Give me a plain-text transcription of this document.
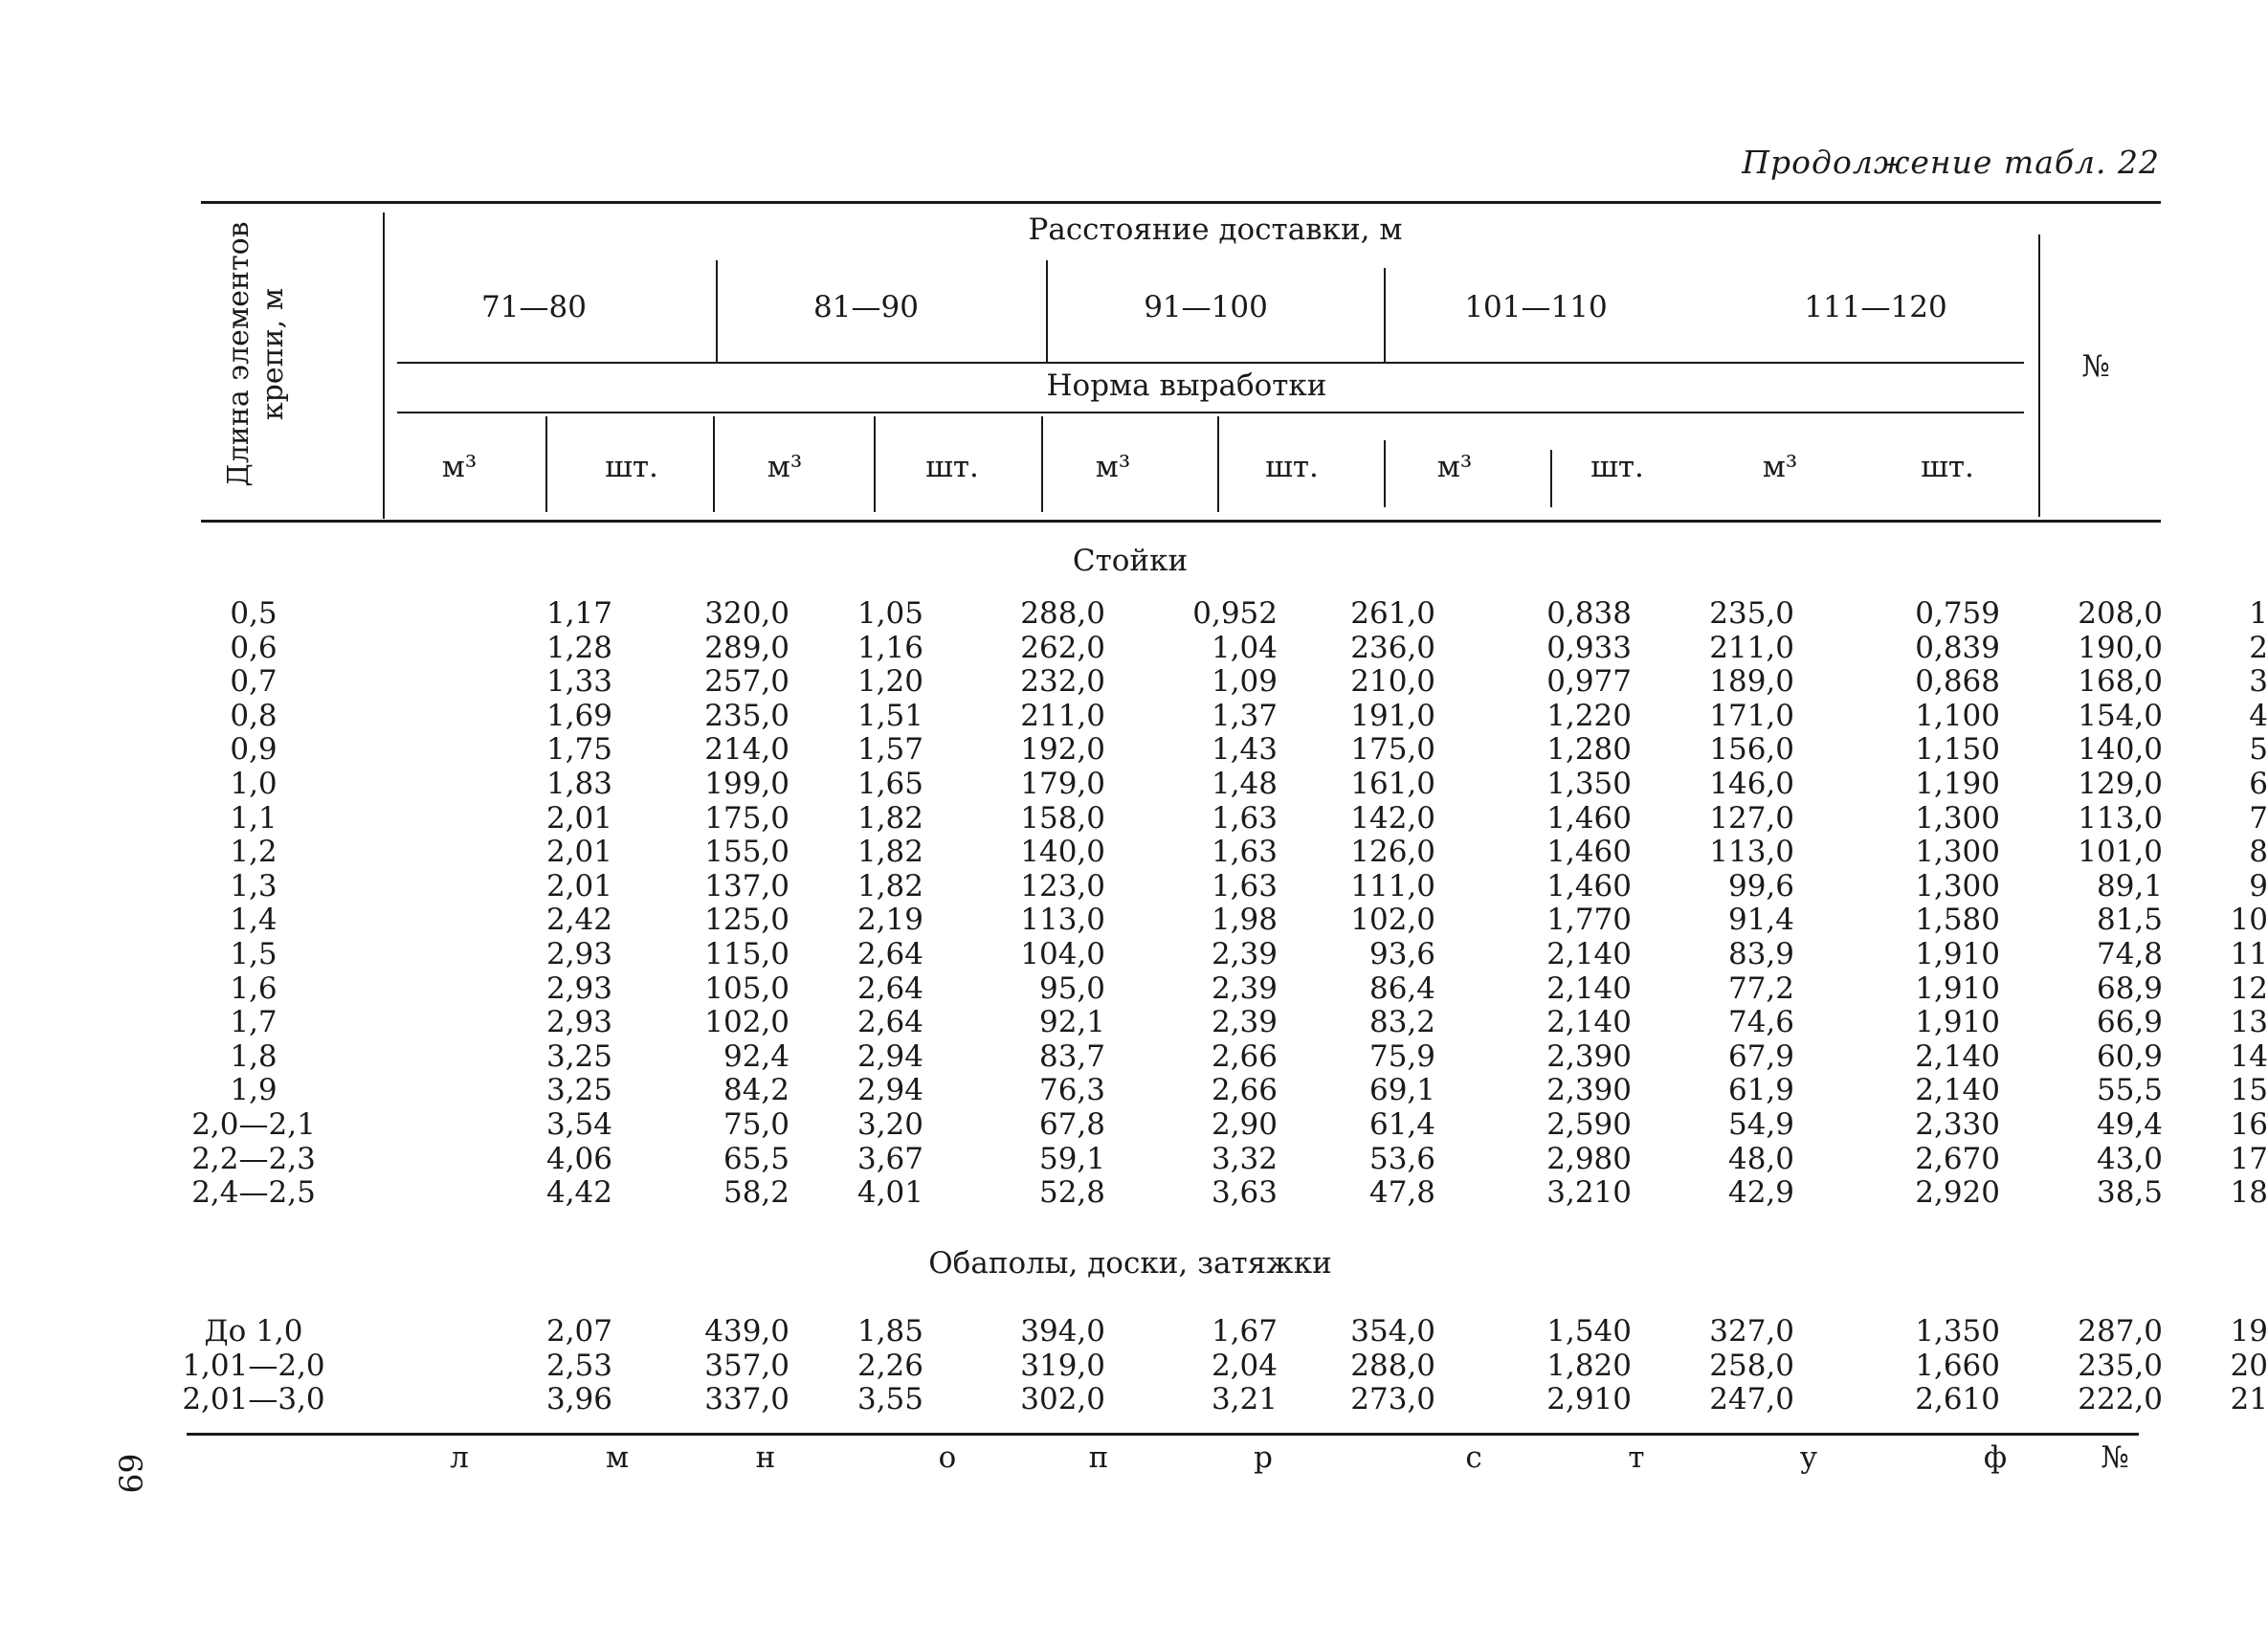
Продолжение табл. 22
Длина элементов крепи, м
Расстояние доставки, м
Норма выработки
№
71—80	81—90	91—100	101—110	111—120
м³	шт.	м³	шт.	м³	шт.	м³	шт.	м³	шт.
Стойки
0,5	1,17	320,0	1,05	288,0	0,952	261,0	0,838	235,0	0,759	208,0	1
0,6	1,28	289,0	1,16	262,0	1,04	236,0	0,933	211,0	0,839	190,0	2
0,7	1,33	257,0	1,20	232,0	1,09	210,0	0,977	189,0	0,868	168,0	3
0,8	1,69	235,0	1,51	211,0	1,37	191,0	1,220	171,0	1,100	154,0	4
0,9	1,75	214,0	1,57	192,0	1,43	175,0	1,280	156,0	1,150	140,0	5
1,0	1,83	199,0	1,65	179,0	1,48	161,0	1,350	146,0	1,190	129,0	6
1,1	2,01	175,0	1,82	158,0	1,63	142,0	1,460	127,0	1,300	113,0	7
1,2	2,01	155,0	1,82	140,0	1,63	126,0	1,460	113,0	1,300	101,0	8
1,3	2,01	137,0	1,82	123,0	1,63	111,0	1,460	99,6	1,300	89,1	9
1,4	2,42	125,0	2,19	113,0	1,98	102,0	1,770	91,4	1,580	81,5	10
1,5	2,93	115,0	2,64	104,0	2,39	93,6	2,140	83,9	1,910	74,8	11
1,6	2,93	105,0	2,64	95,0	2,39	86,4	2,140	77,2	1,910	68,9	12
1,7	2,93	102,0	2,64	92,1	2,39	83,2	2,140	74,6	1,910	66,9	13
1,8	3,25	92,4	2,94	83,7	2,66	75,9	2,390	67,9	2,140	60,9	14
1,9	3,25	84,2	2,94	76,3	2,66	69,1	2,390	61,9	2,140	55,5	15
2,0—2,1	3,54	75,0	3,20	67,8	2,90	61,4	2,590	54,9	2,330	49,4	16
2,2—2,3	4,06	65,5	3,67	59,1	3,32	53,6	2,980	48,0	2,670	43,0	17
2,4—2,5	4,42	58,2	4,01	52,8	3,63	47,8	3,210	42,9	2,920	38,5	18
Обаполы, доски, затяжки
До 1,0	2,07	439,0	1,85	394,0	1,67	354,0	1,540	327,0	1,350	287,0	19
1,01—2,0	2,53	357,0	2,26	319,0	2,04	288,0	1,820	258,0	1,660	235,0	20
2,01—3,0	3,96	337,0	3,55	302,0	3,21	273,0	2,910	247,0	2,610	222,0	21
л	м	н	о	п	р	с	т	у	ф	№
69
